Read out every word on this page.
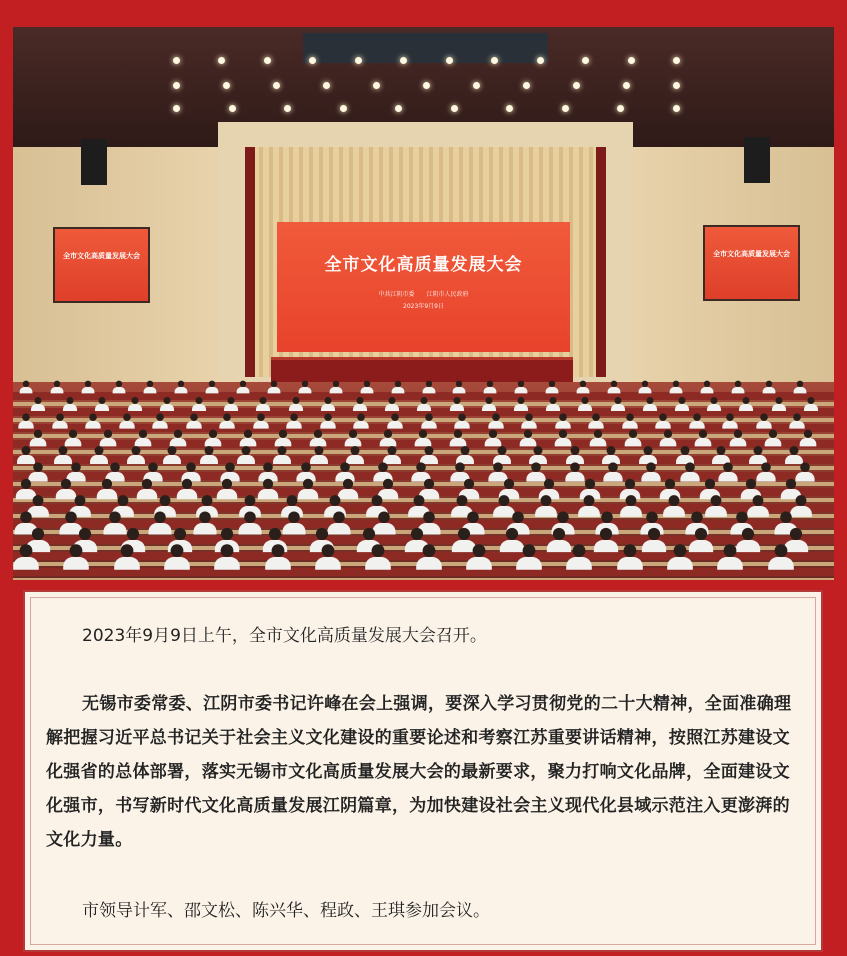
全市文化高质量发展大会
中共江阴市委　　江阴市人民政府
2023年9月9日
全市文化高质量发展大会	全市文化高质量发展大会

2023年9月9日上午，全市文化高质量发展大会召开。

无锡市委常委、江阴市委书记许峰在会上强调，要深入学习贯彻党的二十大精神，全面准确理解把握习近平总书记关于社会主义文化建设的重要论述和考察江苏重要讲话精神，按照江苏建设文化强省的总体部署，落实无锡市文化高质量发展大会的最新要求，聚力打响文化品牌，全面建设文化强市，书写新时代文化高质量发展江阴篇章，为加快建设社会主义现代化县域示范注入更澎湃的文化力量。

市领导计军、邵文松、陈兴华、程政、王琪参加会议。
